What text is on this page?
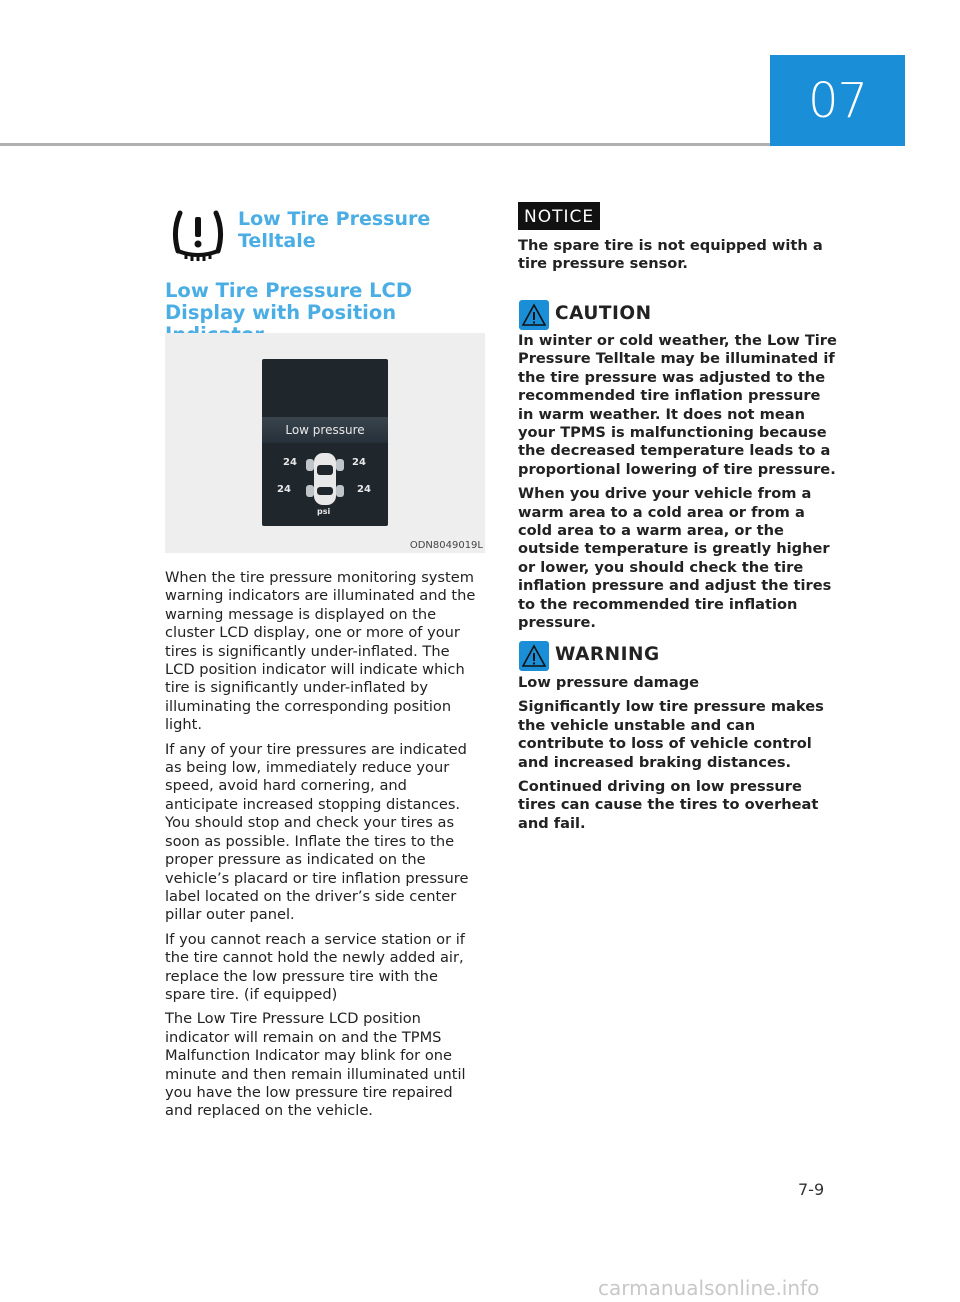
07
Low Tire Pressure Telltale
Low Tire Pressure LCD Display with Position
Low pressure
24	24
24	24
psi
ODN8049019L

When the tire pressure monitoring system warning indicators are illuminated and the warning message is displayed on the cluster LCD display, one or more of your tires is significantly under-inflated. The LCD position indicator will indicate which tire is significantly under-inflated by illuminating the corresponding position light.

If any of your tire pressures are indicated as being low, immediately reduce your speed, avoid hard cornering, and anticipate increased stopping distances. You should stop and check your tires as soon as possible. Inflate the tires to the proper pressure as indicated on the vehicle’s placard or tire inflation pressure label located on the driver’s side center pillar outer panel.

If you cannot reach a service station or if the tire cannot hold the newly added air, replace the low pressure tire with the spare tire. (if equipped)

The Low Tire Pressure LCD position indicator will remain on and the TPMS Malfunction Indicator may blink for one minute and then remain illuminated until you have the low pressure tire repaired and replaced on the vehicle.

NOTICE
The spare tire is not equipped with a tire pressure sensor.
CAUTION

In winter or cold weather, the Low Tire Pressure Telltale may be illuminated if the tire pressure was adjusted to the recommended tire inflation pressure in warm weather. It does not mean your TPMS is malfunctioning because the decreased temperature leads to a proportional lowering of tire pressure.

When you drive your vehicle from a warm area to a cold area or from a cold area to a warm area, or the outside temperature is greatly higher or lower, you should check the tire inflation pressure and adjust the tires to the recommended tire inflation pressure.

WARNING

Low pressure damage

Significantly low tire pressure makes the vehicle unstable and can contribute to loss of vehicle control and increased braking distances.

Continued driving on low pressure tires can cause the tires to overheat and fail.

7-9
carmanualsonline.info
